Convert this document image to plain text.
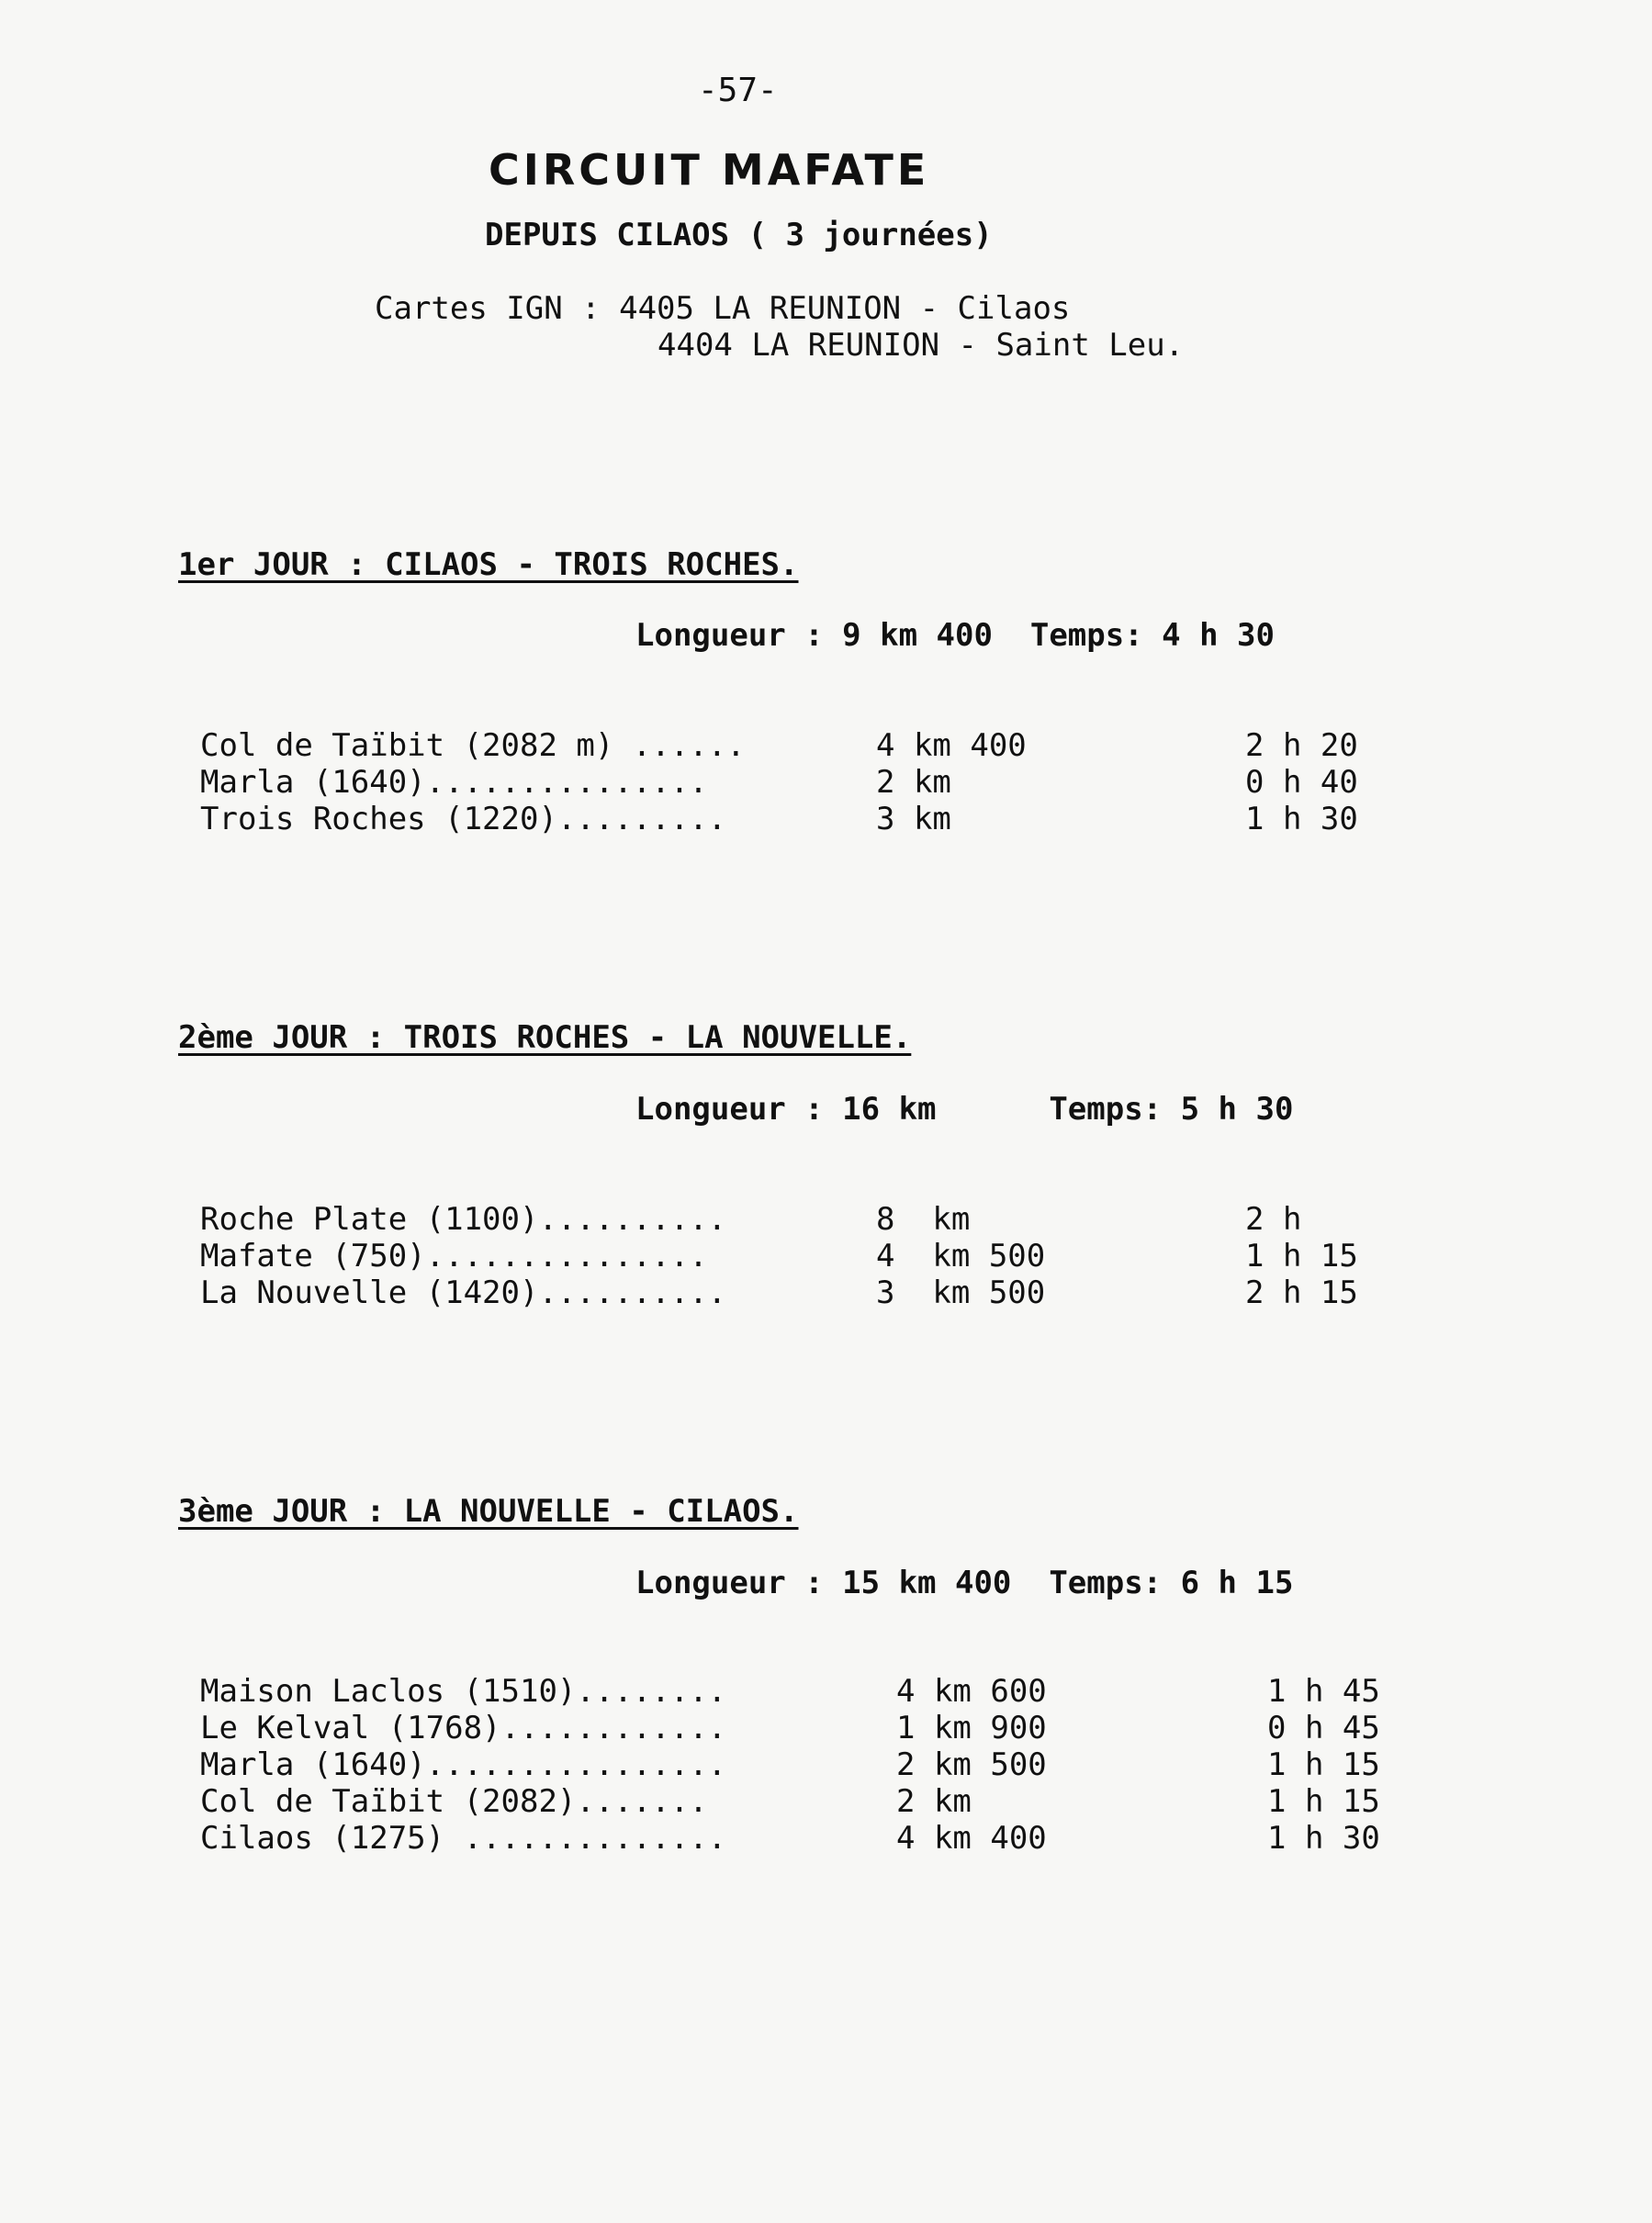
-57-
CIRCUIT MAFATE
DEPUIS CILAOS ( 3 journées)
Cartes IGN : 4405 LA REUNION - Cilaos
4404 LA REUNION - Saint Leu.
1er JOUR : CILAOS - TROIS ROCHES.
Longueur : 9 km 400  Temps: 4 h 30
Col de Taïbit (2082 m) ......	4 km 400	2 h 20
Marla (1640)...............	2 km	0 h 40
Trois Roches (1220).........	3 km	1 h 30
2ème JOUR : TROIS ROCHES - LA NOUVELLE.
Longueur : 16 km      Temps: 5 h 30
Roche Plate (1100)..........	8  km	2 h
Mafate (750)...............	4  km 500	1 h 15
La Nouvelle (1420)..........	3  km 500	2 h 15
3ème JOUR : LA NOUVELLE - CILAOS.
Longueur : 15 km 400  Temps: 6 h 15
Maison Laclos (1510)........	4 km 600	1 h 45
Le Kelval (1768)............	1 km 900	0 h 45
Marla (1640)................	2 km 500	1 h 15
Col de Taïbit (2082).......	2 km	1 h 15
Cilaos (1275) ..............	4 km 400	1 h 30
